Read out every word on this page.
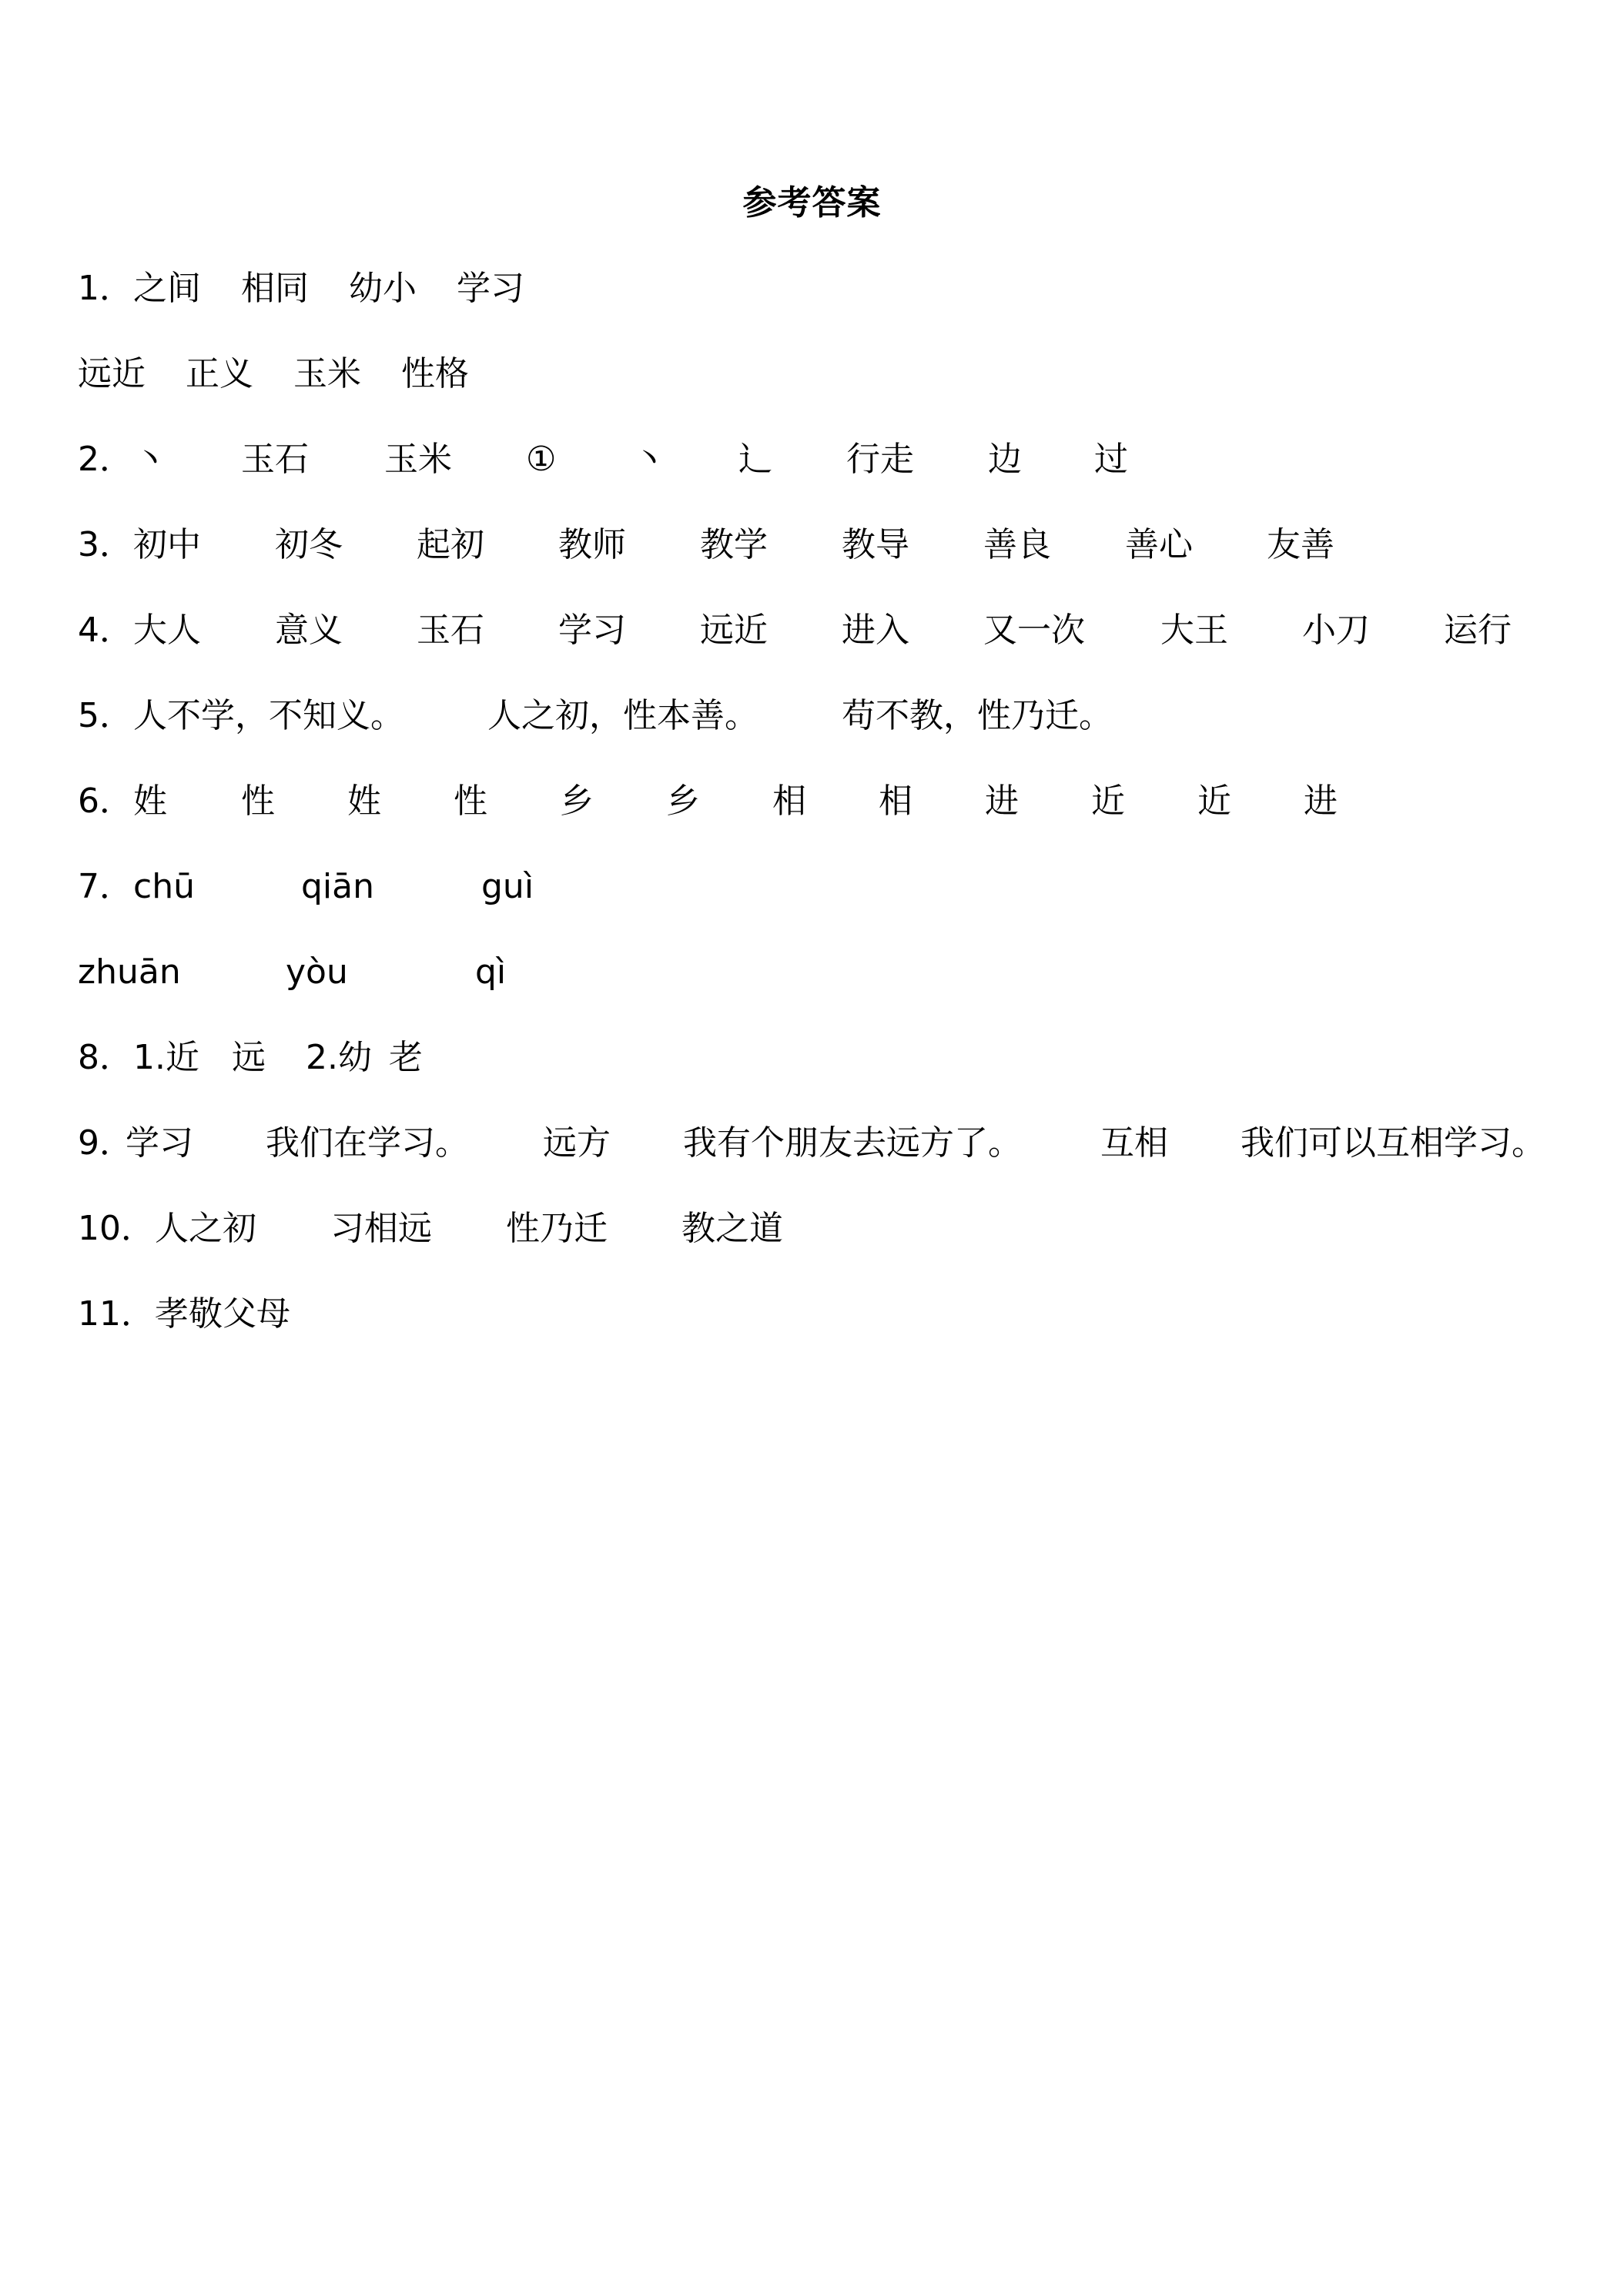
参考答案
1． 之间 相同 幼小 学习
远近 正义 玉米 性格
2． 丶 玉石 玉米 ① 丶 辶 行走 边 过
3． 初中 初冬 起初 教师 教学 教导 善良 善心 友善
4． 大人 意义 玉石 学习 远近 进入 又一次 大王 小刀 运行
5． 人不学，不知义。 人之初，性本善。 苟不教，性乃迁。
6． 姓 性 姓 性 乡 乡 相 相 进 近 近 进
7． chū	qiān	guì
zhuān	yòu	qì
8． 1.近 远 2.幼 老
9．
学习 我们在学习。 远方 我有个朋友去远方了。 互相 我们可以互相学习。
10． 人之初 习相远 性乃迁 教之道
11． 孝敬父母
